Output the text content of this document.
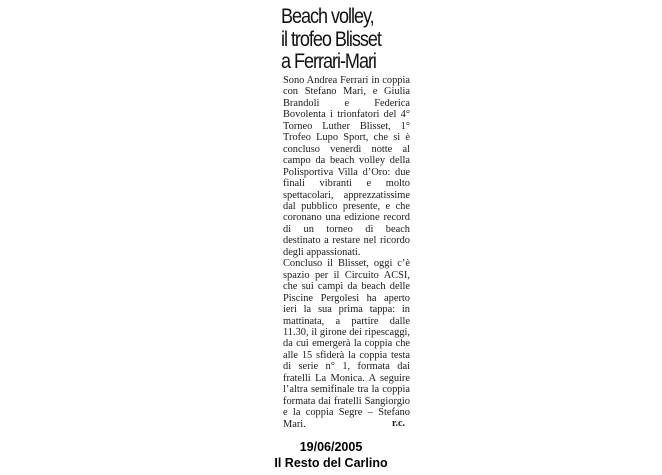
Beach volley,
il trofeo Blisset
a Ferrari-Mari

Sono Andrea Ferrari in coppia con Stefano Mari, e Giulia Brandoli e Federica Bovolenta i trionfatori del 4° Torneo Luther Blisset, 1° Trofeo Lupo Sport, che si è concluso venerdì notte al campo da beach volley della Polisportiva Villa d’Oro: due finali vibranti e molto spettacolari, apprezzatissime dal pubblico presente, e che coronano una edizione record di un torneo di beach destinato a restare nel ricordo degli appassionati.

Concluso il Blisset, oggi c’è spazio per il Circuito ACSI, che sui campi da beach delle Piscine Pergolesi ha aperto ieri la sua prima tappa: in mattinata, a partire dalle 11.30, il girone dei ripescaggi, da cui emergerà la coppia che alle 15 sfiderà la coppia testa di serie n° 1, formata dai fratelli La Monica. A seguire l’altra semifinale tra la coppia formata dai fratelli Sangiorgio e la coppia Segre – Stefano Mari.	r.c.
19/06/2005
Il Resto del Carlino
